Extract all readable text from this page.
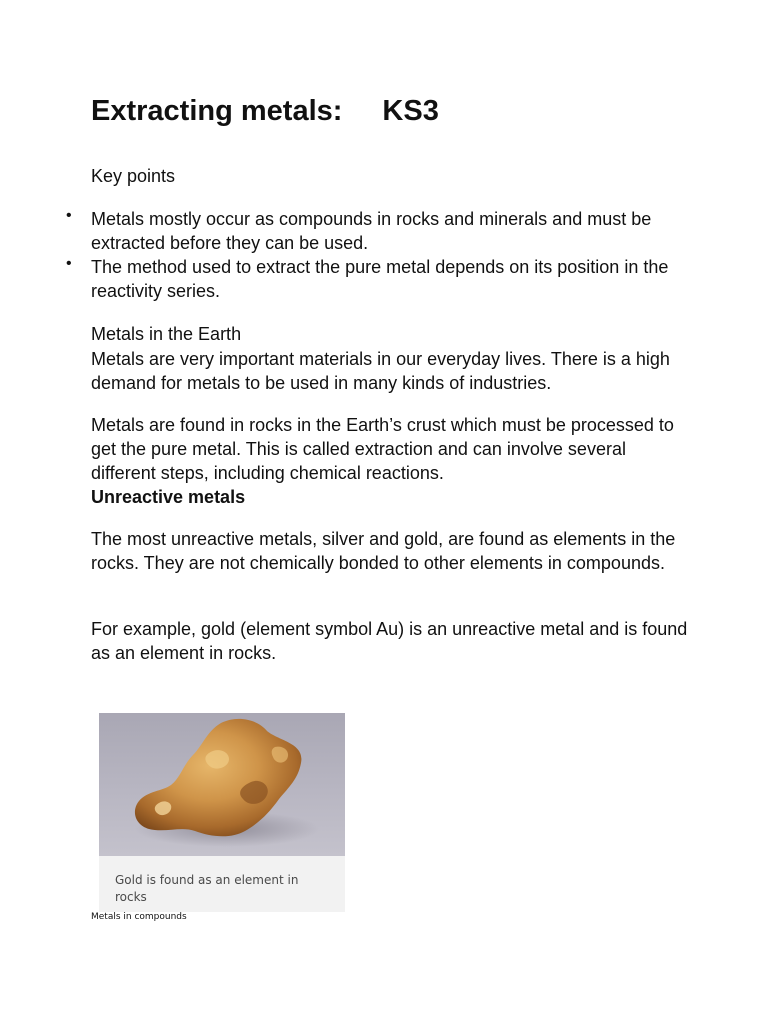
Extracting metals: KS3

Key points

• Metals mostly occur as compounds in rocks and minerals and must be extracted before they can be used.
• The method used to extract the pure metal depends on its position in the reactivity series.

Metals in the Earth

Metals are very important materials in our everyday lives. There is a high demand for metals to be used in many kinds of industries.

Metals are found in rocks in the Earth’s crust which must be processed to get the pure metal. This is called extraction and can involve several different steps, including chemical reactions.

Unreactive metals

The most unreactive metals, silver and gold, are found as elements in the rocks. They are not chemically bonded to other elements in compounds.

For example, gold (element symbol Au) is an unreactive metal and is found as an element in rocks.

Gold is found as an element in rocks
Metals in compounds
